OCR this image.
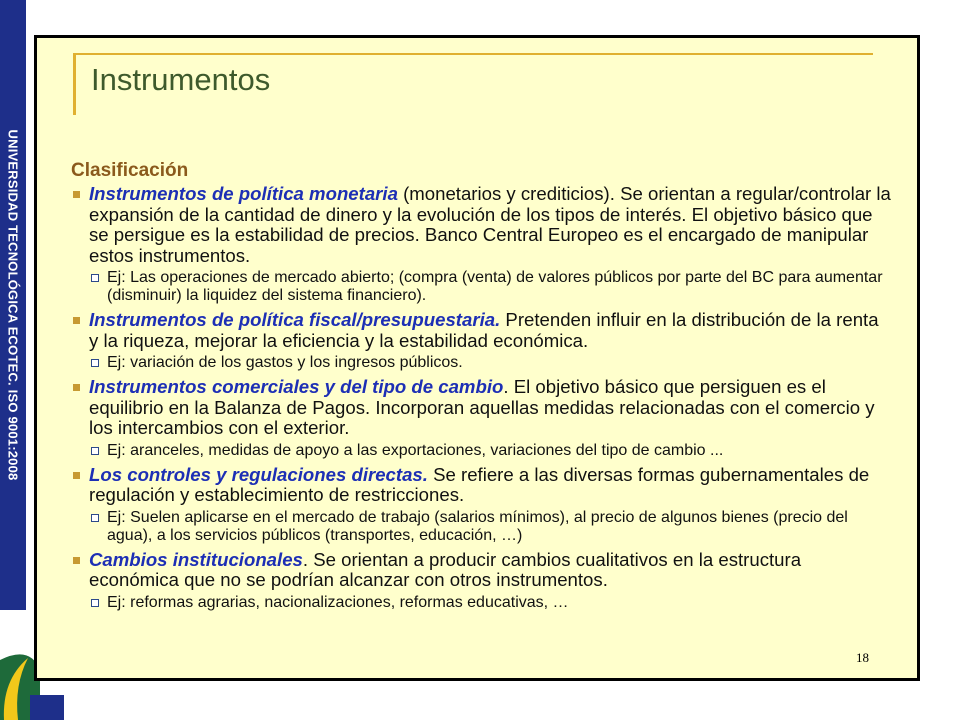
UNIVERSIDAD TECNOLÓGICA ECOTEC. ISO 9001:2008
Instrumentos
Clasificación
Instrumentos de política monetaria (monetarios y crediticios). Se orientan a regular/controlar la expansión de la cantidad de dinero y la evolución de los tipos de interés. El objetivo básico que se persigue es la estabilidad de precios. Banco Central Europeo es el encargado de manipular estos instrumentos.
Ej: Las operaciones de mercado abierto; (compra (venta) de valores públicos por parte del BC para aumentar (disminuir) la liquidez del sistema financiero).
Instrumentos de política fiscal/presupuestaria. Pretenden influir en la distribución de la renta y la riqueza, mejorar la eficiencia y la estabilidad económica.
Ej: variación de los gastos y los ingresos públicos.
Instrumentos comerciales y del tipo de cambio. El objetivo básico que persiguen es el equilibrio en la Balanza de Pagos. Incorporan aquellas medidas relacionadas con el comercio y los intercambios con el exterior.
Ej: aranceles, medidas de apoyo a las exportaciones, variaciones del tipo de cambio ...
Los controles y regulaciones directas. Se refiere a las diversas formas gubernamentales de regulación y establecimiento de restricciones.
Ej: Suelen aplicarse en el mercado de trabajo (salarios mínimos), al precio de algunos bienes (precio del agua), a los servicios públicos (transportes, educación, …)
Cambios institucionales. Se orientan a producir cambios cualitativos en la estructura económica que no se podrían alcanzar con otros instrumentos.
Ej: reformas agrarias, nacionalizaciones, reformas educativas, …
18
